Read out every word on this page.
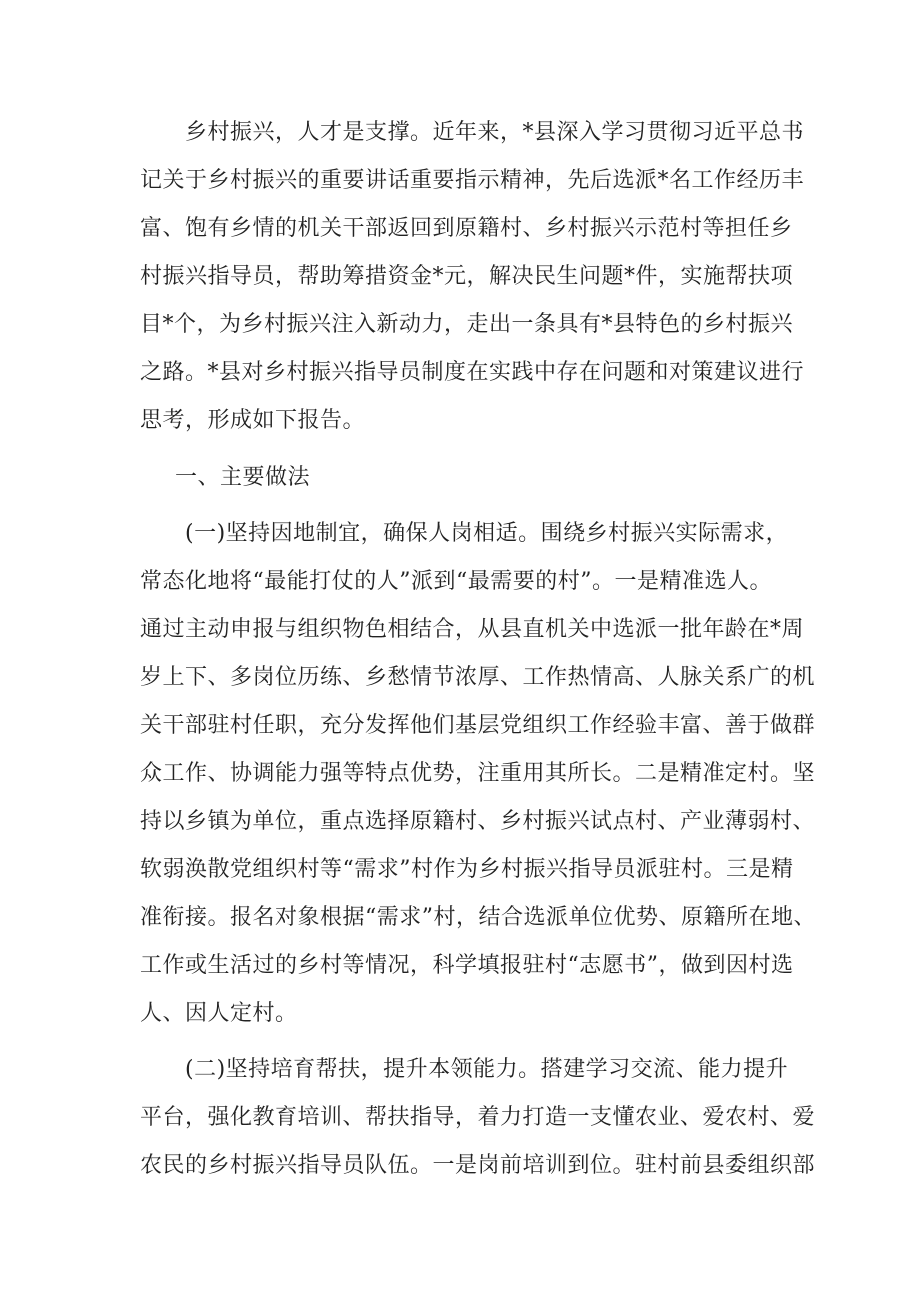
乡村振兴，人才是支撑。近年来，*县深入学习贯彻习近平总书
记关于乡村振兴的重要讲话重要指示精神，先后选派*名工作经历丰
富、饱有乡情的机关干部返回到原籍村、乡村振兴示范村等担任乡
村振兴指导员，帮助筹措资金*元，解决民生问题*件，实施帮扶项
目*个，为乡村振兴注入新动力，走出一条具有*县特色的乡村振兴
之路。*县对乡村振兴指导员制度在实践中存在问题和对策建议进行
思考，形成如下报告。
一、主要做法
(一)坚持因地制宜，确保人岗相适。围绕乡村振兴实际需求，
常态化地将“最能打仗的人”派到“最需要的村”。一是精准选人。
通过主动申报与组织物色相结合，从县直机关中选派一批年龄在*周
岁上下、多岗位历练、乡愁情节浓厚、工作热情高、人脉关系广的机
关干部驻村任职，充分发挥他们基层党组织工作经验丰富、善于做群
众工作、协调能力强等特点优势，注重用其所长。二是精准定村。坚
持以乡镇为单位，重点选择原籍村、乡村振兴试点村、产业薄弱村、
软弱涣散党组织村等“需求”村作为乡村振兴指导员派驻村。三是精
准衔接。报名对象根据“需求”村，结合选派单位优势、原籍所在地、
工作或生活过的乡村等情况，科学填报驻村“志愿书”，做到因村选
人、因人定村。
(二)坚持培育帮扶，提升本领能力。搭建学习交流、能力提升
平台，强化教育培训、帮扶指导，着力打造一支懂农业、爱农村、爱
农民的乡村振兴指导员队伍。一是岗前培训到位。驻村前县委组织部
